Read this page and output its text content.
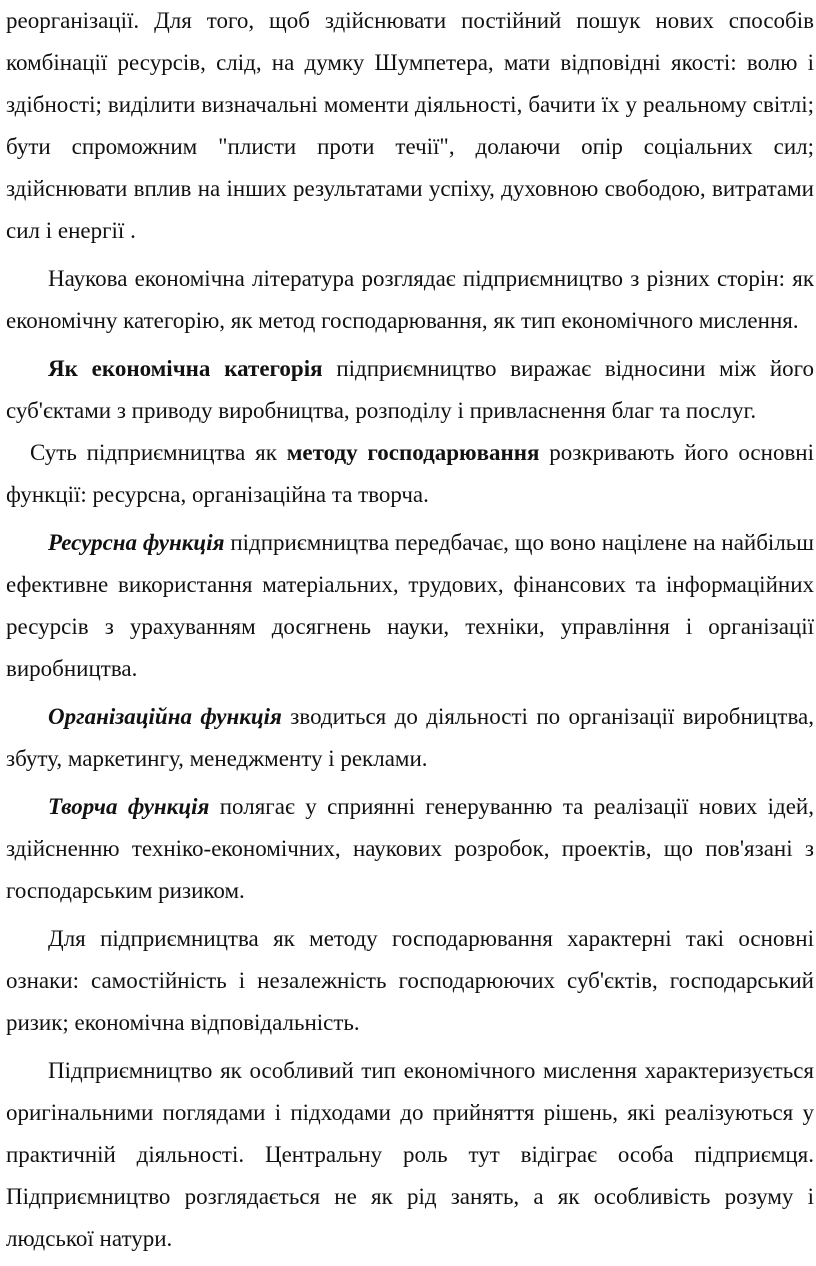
реорганізації. Для того, щоб здійснювати постійний пошук нових способів комбінації ресурсів, слід, на думку Шумпетера, мати відповідні якості: волю і здібності; виділити визначальні моменти діяльності, бачити їх у реальному світлі; бути спроможним "плисти проти течії", долаючи опір соціальних сил; здійснювати вплив на інших результатами успіху, духовною свободою, витратами сил і енергії .

Наукова економічна література розглядає підприємництво з різних сторін: як економічну категорію, як метод господарювання, як тип економічного мислення.

Як економічна категорія підприємництво виражає відносини між його суб'єктами з приводу виробництва, розподілу і привласнення благ та послуг.

Суть підприємництва як методу господарювання розкривають його основні функції: ресурсна, організаційна та творча.

Ресурсна функція підприємництва передбачає, що воно націлене на найбільш ефективне використання матеріальних, трудових, фінансових та інформаційних ресурсів з урахуванням досягнень науки, техніки, управління і організації виробництва.

Організаційна функція зводиться до діяльності по організації виробництва, збуту, маркетингу, менеджменту і реклами.

Творча функція полягає у сприянні генеруванню та реалізації нових ідей, здійсненню техніко-економічних, наукових розробок, проектів, що пов'язані з господарським ризиком.

Для підприємництва як методу господарювання характерні такі основні ознаки: самостійність і незалежність господарюючих суб'єктів, господарський ризик; економічна відповідальність.

Підприємництво як особливий тип економічного мислення характеризується оригінальними поглядами і підходами до прийняття рішень, які реалізуються у практичній діяльності. Центральну роль тут відіграє особа підприємця. Підприємництво розглядається не як рід занять, а як особливість розуму і людської натури.
